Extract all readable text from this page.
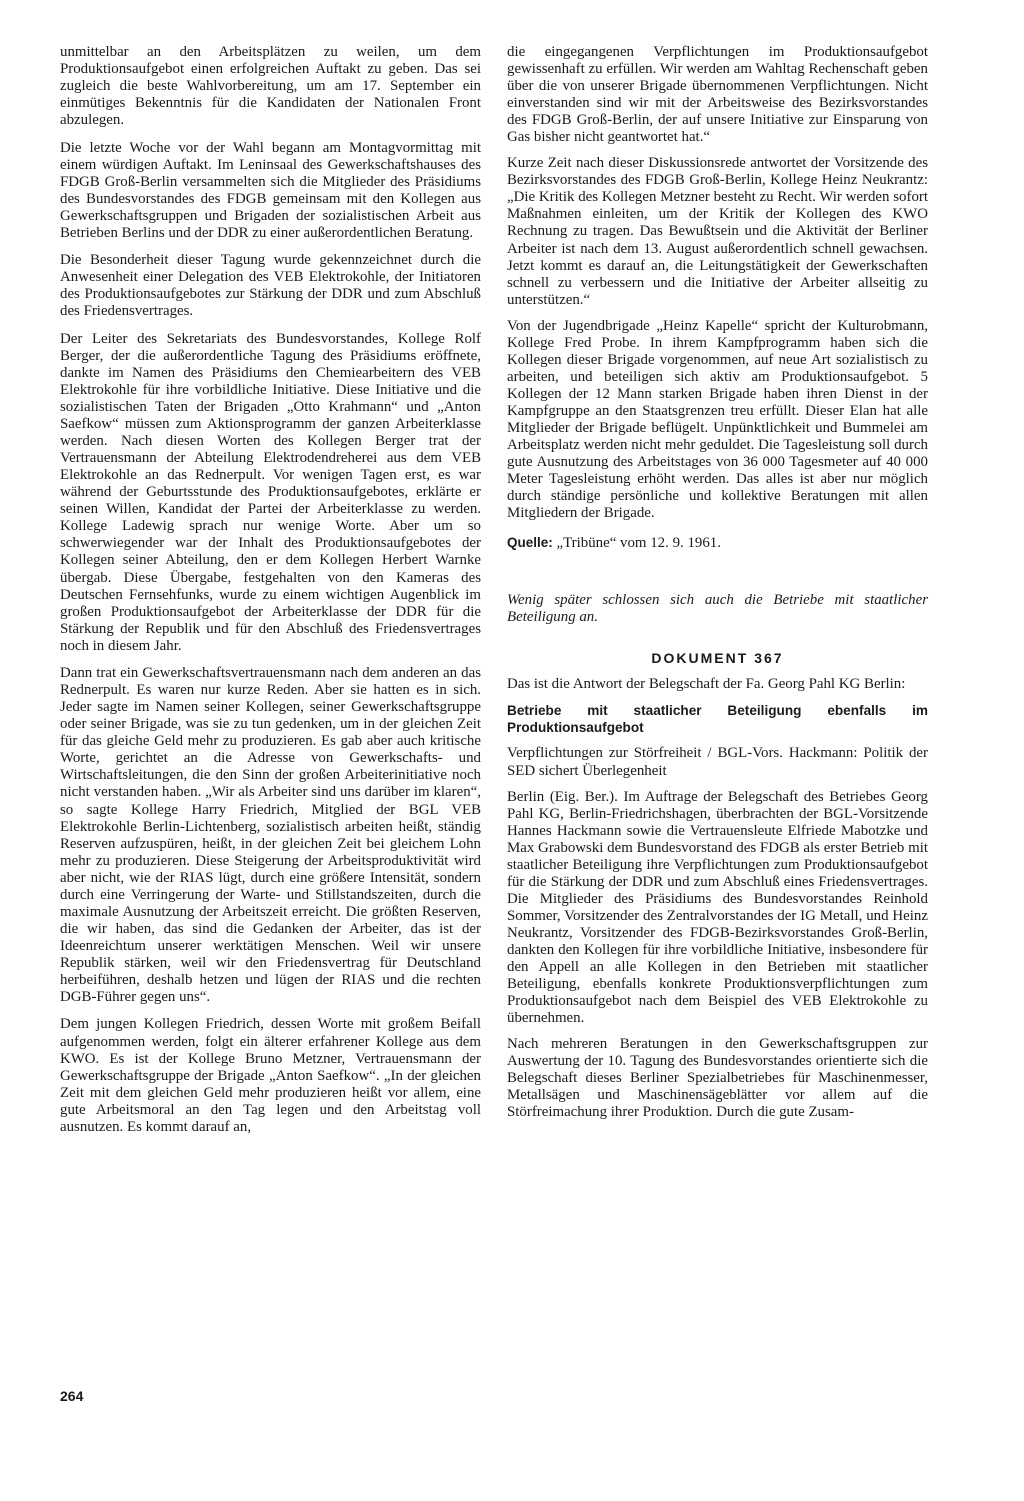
unmittelbar an den Arbeitsplätzen zu weilen, um dem Produktionsaufgebot einen erfolgreichen Auftakt zu geben. Das sei zugleich die beste Wahlvorbereitung, um am 17. September ein einmütiges Bekenntnis für die Kandidaten der Nationalen Front abzulegen.

Die letzte Woche vor der Wahl begann am Montagvormittag mit einem würdigen Auftakt. Im Leninsaal des Gewerkschaftshauses des FDGB Groß-Berlin versammelten sich die Mitglieder des Präsidiums des Bundesvorstandes des FDGB gemeinsam mit den Kollegen aus Gewerkschaftsgruppen und Brigaden der sozialistischen Arbeit aus Betrieben Berlins und der DDR zu einer außerordentlichen Beratung.

Die Besonderheit dieser Tagung wurde gekennzeichnet durch die Anwesenheit einer Delegation des VEB Elektrokohle, der Initiatoren des Produktionsaufgebotes zur Stärkung der DDR und zum Abschluß des Friedensvertrages.

Der Leiter des Sekretariats des Bundesvorstandes, Kollege Rolf Berger, der die außerordentliche Tagung des Präsidiums eröffnete, dankte im Namen des Präsidiums den Chemiearbeitern des VEB Elektrokohle für ihre vorbildliche Initiative. Diese Initiative und die sozialistischen Taten der Brigaden „Otto Krahmann“ und „Anton Saefkow“ müssen zum Aktionsprogramm der ganzen Arbeiterklasse werden. Nach diesen Worten des Kollegen Berger trat der Vertrauensmann der Abteilung Elektrodendreherei aus dem VEB Elektrokohle an das Rednerpult. Vor wenigen Tagen erst, es war während der Geburtsstunde des Produktionsaufgebotes, erklärte er seinen Willen, Kandidat der Partei der Arbeiterklasse zu werden. Kollege Ladewig sprach nur wenige Worte. Aber um so schwerwiegender war der Inhalt des Produktionsaufgebotes der Kollegen seiner Abteilung, den er dem Kollegen Herbert Warnke übergab. Diese Übergabe, festgehalten von den Kameras des Deutschen Fernsehfunks, wurde zu einem wichtigen Augenblick im großen Produktionsaufgebot der Arbeiterklasse der DDR für die Stärkung der Republik und für den Abschluß des Friedensvertrages noch in diesem Jahr.

Dann trat ein Gewerkschaftsvertrauensmann nach dem anderen an das Rednerpult. Es waren nur kurze Reden. Aber sie hatten es in sich. Jeder sagte im Namen seiner Kollegen, seiner Gewerkschaftsgruppe oder seiner Brigade, was sie zu tun gedenken, um in der gleichen Zeit für das gleiche Geld mehr zu produzieren. Es gab aber auch kritische Worte, gerichtet an die Adresse von Gewerkschafts- und Wirtschaftsleitungen, die den Sinn der großen Arbeiterinitiative noch nicht verstanden haben. „Wir als Arbeiter sind uns darüber im klaren“, so sagte Kollege Harry Friedrich, Mitglied der BGL VEB Elektrokohle Berlin-Lichtenberg, sozialistisch arbeiten heißt, ständig Reserven aufzuspüren, heißt, in der gleichen Zeit bei gleichem Lohn mehr zu produzieren. Diese Steigerung der Arbeitsproduktivität wird aber nicht, wie der RIAS lügt, durch eine größere Intensität, sondern durch eine Verringerung der Warte- und Stillstandszeiten, durch die maximale Ausnutzung der Arbeitszeit erreicht. Die größten Reserven, die wir haben, das sind die Gedanken der Arbeiter, das ist der Ideenreichtum unserer werktätigen Menschen. Weil wir unsere Republik stärken, weil wir den Friedensvertrag für Deutschland herbeiführen, deshalb hetzen und lügen der RIAS und die rechten DGB-Führer gegen uns“.

Dem jungen Kollegen Friedrich, dessen Worte mit großem Beifall aufgenommen werden, folgt ein älterer erfahrener Kollege aus dem KWO. Es ist der Kollege Bruno Metzner, Vertrauensmann der Gewerkschaftsgruppe der Brigade „Anton Saefkow“. „In der gleichen Zeit mit dem gleichen Geld mehr produzieren heißt vor allem, eine gute Arbeitsmoral an den Tag legen und den Arbeitstag voll ausnutzen. Es kommt darauf an,

die eingegangenen Verpflichtungen im Produktionsaufgebot gewissenhaft zu erfüllen. Wir werden am Wahltag Rechenschaft geben über die von unserer Brigade übernommenen Verpflichtungen. Nicht einverstanden sind wir mit der Arbeitsweise des Bezirksvorstandes des FDGB Groß-Berlin, der auf unsere Initiative zur Einsparung von Gas bisher nicht geantwortet hat.“

Kurze Zeit nach dieser Diskussionsrede antwortet der Vorsitzende des Bezirksvorstandes des FDGB Groß-Berlin, Kollege Heinz Neukrantz: „Die Kritik des Kollegen Metzner besteht zu Recht. Wir werden sofort Maßnahmen einleiten, um der Kritik der Kollegen des KWO Rechnung zu tragen. Das Bewußtsein und die Aktivität der Berliner Arbeiter ist nach dem 13. August außerordentlich schnell gewachsen. Jetzt kommt es darauf an, die Leitungstätigkeit der Gewerkschaften schnell zu verbessern und die Initiative der Arbeiter allseitig zu unterstützen.“

Von der Jugendbrigade „Heinz Kapelle“ spricht der Kulturobmann, Kollege Fred Probe. In ihrem Kampfprogramm haben sich die Kollegen dieser Brigade vorgenommen, auf neue Art sozialistisch zu arbeiten, und beteiligen sich aktiv am Produktionsaufgebot. 5 Kollegen der 12 Mann starken Brigade haben ihren Dienst in der Kampfgruppe an den Staatsgrenzen treu erfüllt. Dieser Elan hat alle Mitglieder der Brigade beflügelt. Unpünktlichkeit und Bummelei am Arbeitsplatz werden nicht mehr geduldet. Die Tagesleistung soll durch gute Ausnutzung des Arbeitstages von 36 000 Tagesmeter auf 40 000 Meter Tagesleistung erhöht werden. Das alles ist aber nur möglich durch ständige persönliche und kollektive Beratungen mit allen Mitgliedern der Brigade.

Quelle: „Tribüne“ vom 12. 9. 1961.

Wenig später schlossen sich auch die Betriebe mit staatlicher Beteiligung an.

DOKUMENT 367

Das ist die Antwort der Belegschaft der Fa. Georg Pahl KG Berlin:

Betriebe mit staatlicher Beteiligung ebenfalls im Produktionsaufgebot

Verpflichtungen zur Störfreiheit / BGL-Vors. Hackmann: Politik der SED sichert Überlegenheit

Berlin (Eig. Ber.). Im Auftrage der Belegschaft des Betriebes Georg Pahl KG, Berlin-Friedrichshagen, überbrachten der BGL-Vorsitzende Hannes Hackmann sowie die Vertrauensleute Elfriede Mabotzke und Max Grabowski dem Bundesvorstand des FDGB als erster Betrieb mit staatlicher Beteiligung ihre Verpflichtungen zum Produktionsaufgebot für die Stärkung der DDR und zum Abschluß eines Friedensvertrages. Die Mitglieder des Präsidiums des Bundesvorstandes Reinhold Sommer, Vorsitzender des Zentralvorstandes der IG Metall, und Heinz Neukrantz, Vorsitzender des FDGB-Bezirksvorstandes Groß-Berlin, dankten den Kollegen für ihre vorbildliche Initiative, insbesondere für den Appell an alle Kollegen in den Betrieben mit staatlicher Beteiligung, ebenfalls konkrete Produktionsverpflichtungen zum Produktionsaufgebot nach dem Beispiel des VEB Elektrokohle zu übernehmen.

Nach mehreren Beratungen in den Gewerkschaftsgruppen zur Auswertung der 10. Tagung des Bundesvorstandes orientierte sich die Belegschaft dieses Berliner Spezialbetriebes für Maschinenmesser, Metallsägen und Maschinensägeblätter vor allem auf die Störfreimachung ihrer Produktion. Durch die gute Zusam-

264
